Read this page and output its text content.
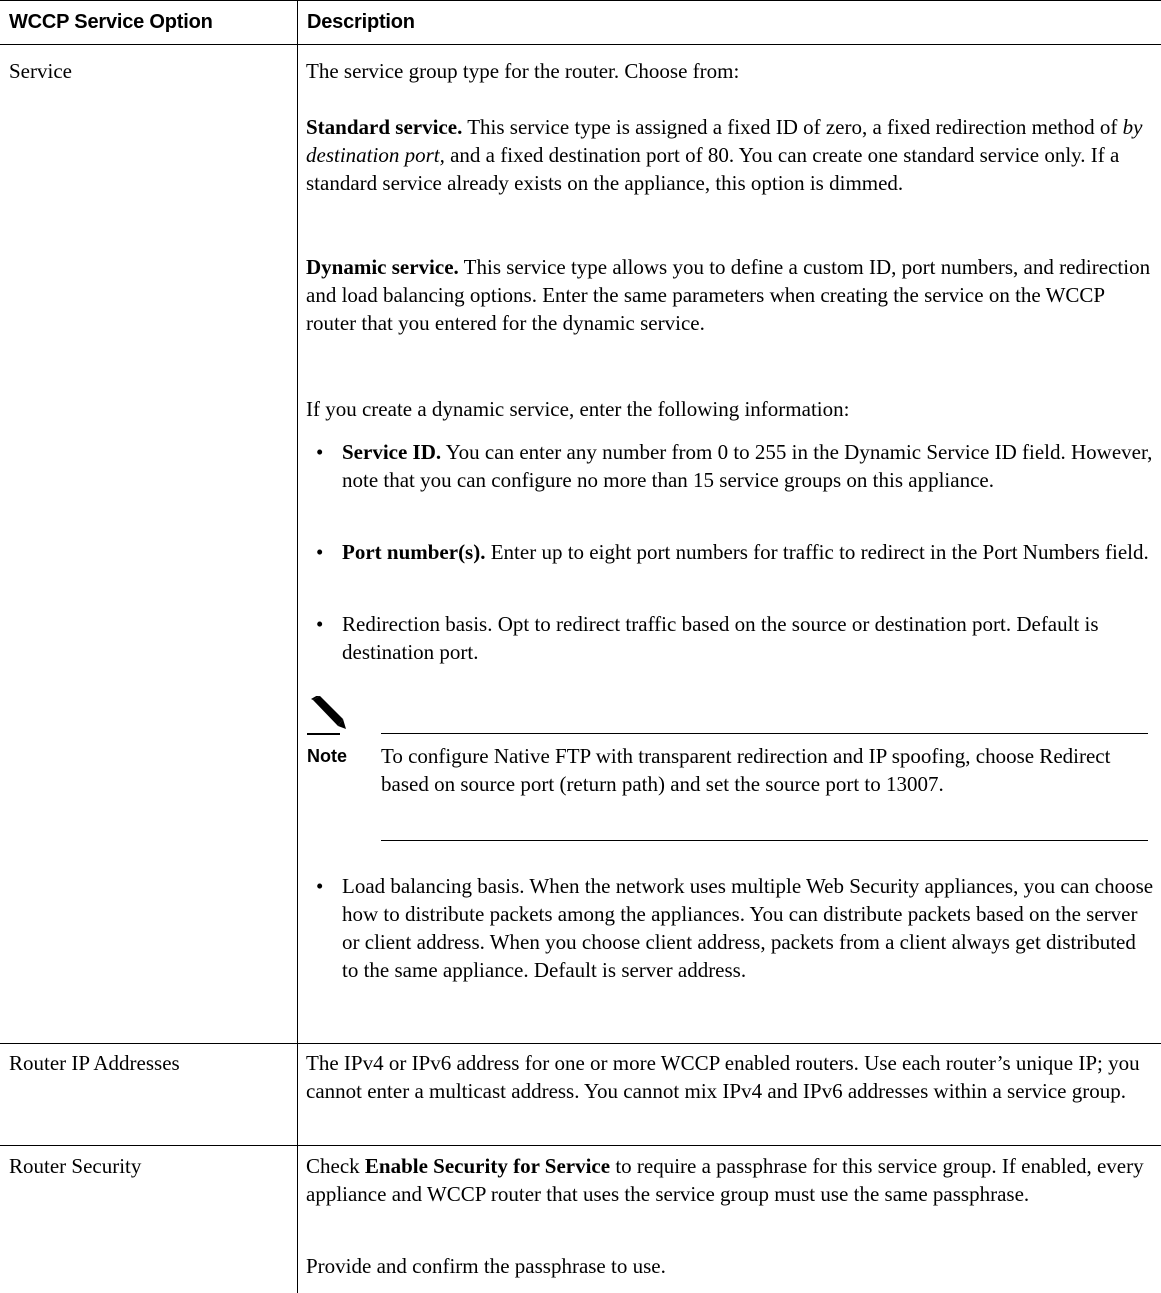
WCCP Service Option	Description
Service	The service group type for the router. Choose from:

Standard service. This service type is assigned a fixed ID of zero, a fixed redirection method of by destination port, and a fixed destination port of 80. You can create one standard service only. If a standard service already exists on the appliance, this option is dimmed.

Dynamic service. This service type allows you to define a custom ID, port numbers, and redirection and load balancing options. Enter the same parameters when creating the service on the WCCP router that you entered for the dynamic service.

If you create a dynamic service, enter the following information:

• Service ID. You can enter any number from 0 to 255 in the Dynamic Service ID field. However, note that you can configure no more than 15 service groups on this appliance.
• Port number(s). Enter up to eight port numbers for traffic to redirect in the Port Numbers field.
• Redirection basis. Opt to redirect traffic based on the source or destination port. Default is destination port.
Note To configure Native FTP with transparent redirection and IP spoofing, choose Redirect based on source port (return path) and set the source port to 13007.
• Load balancing basis. When the network uses multiple Web Security appliances, you can choose how to distribute packets among the appliances. You can distribute packets based on the server or client address. When you choose client address, packets from a client always get distributed to the same appliance. Default is server address.
Router IP Addresses	The IPv4 or IPv6 address for one or more WCCP enabled routers. Use each router’s unique IP; you cannot enter a multicast address. You cannot mix IPv4 and IPv6 addresses within a service group.

Router Security	Check Enable Security for Service to require a passphrase for this service group. If enabled, every appliance and WCCP router that uses the service group must use the same passphrase.

Provide and confirm the passphrase to use.
